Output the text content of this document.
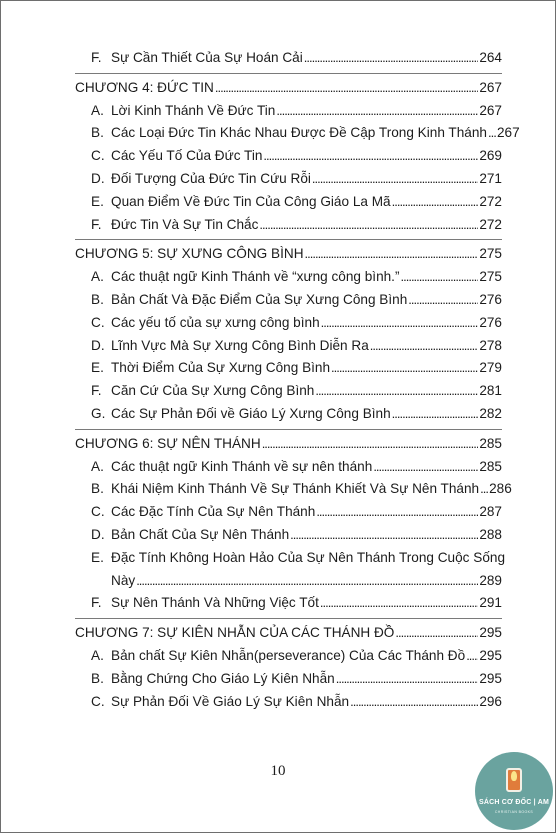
F. Sự Cần Thiết Của Sự Hoán Cải .....	264
CHƯƠNG 4: ĐỨC TIN .....	267
A. Lời Kinh Thánh Về Đức Tin .....	267
B. Các Loại Đức Tin Khác Nhau Được Đề Cập Trong Kinh Thánh ..... 267
C. Các Yếu Tố Của Đức Tin .....	269
D. Đối Tượng Của Đức Tin Cứu Rỗi .....	271
E. Quan Điểm Về Đức Tin Của Công Giáo La Mã .....	272
F. Đức Tin Và Sự Tin Chắc .....	272
CHƯƠNG 5: SỰ XƯNG CÔNG BÌNH .....	275
A. Các thuật ngữ Kinh Thánh về “xưng công bình.” .....	275
B. Bản Chất Và Đặc Điểm Của Sự Xưng Công Bình .....	276
C. Các yếu tố của sự xưng công bình .....	276
D. Lĩnh Vực Mà Sự Xưng Công Bình Diễn Ra .....	278
E. Thời Điểm Của Sự Xưng Công Bình .....	279
F. Căn Cứ Của Sự Xưng Công Bình .....	281
G. Các Sự Phản Đối về Giáo Lý Xưng Công Bình .....	282
CHƯƠNG 6: SỰ NÊN THÁNH .....	285
A. Các thuật ngữ Kinh Thánh về sự nên thánh .....	285
B. Khái Niệm Kinh Thánh Về Sự Thánh Khiết Và Sự Nên Thánh ..... 286
C. Các Đặc Tính Của Sự Nên Thánh .....	287
D. Bản Chất Của Sự Nên Thánh .....	288
E. Đặc Tính Không Hoàn Hảo Của Sự Nên Thánh Trong Cuộc Sống
Này .....	289
F. Sự Nên Thánh Và Những Việc Tốt .....	291
CHƯƠNG 7: SỰ KIÊN NHẪN CỦA CÁC THÁNH ĐỒ .....	295
A. Bản chất Sự Kiên Nhẫn(perseverance) Của Các Thánh Đồ ..... 295
B. Bằng Chứng Cho Giáo Lý Kiên Nhẫn .....	295
C. Sự Phản Đối Về Giáo Lý Sự Kiên Nhẫn .....	296
10
SÁCH CƠ ĐỐC | AM
CHRISTIAN BOOKS
